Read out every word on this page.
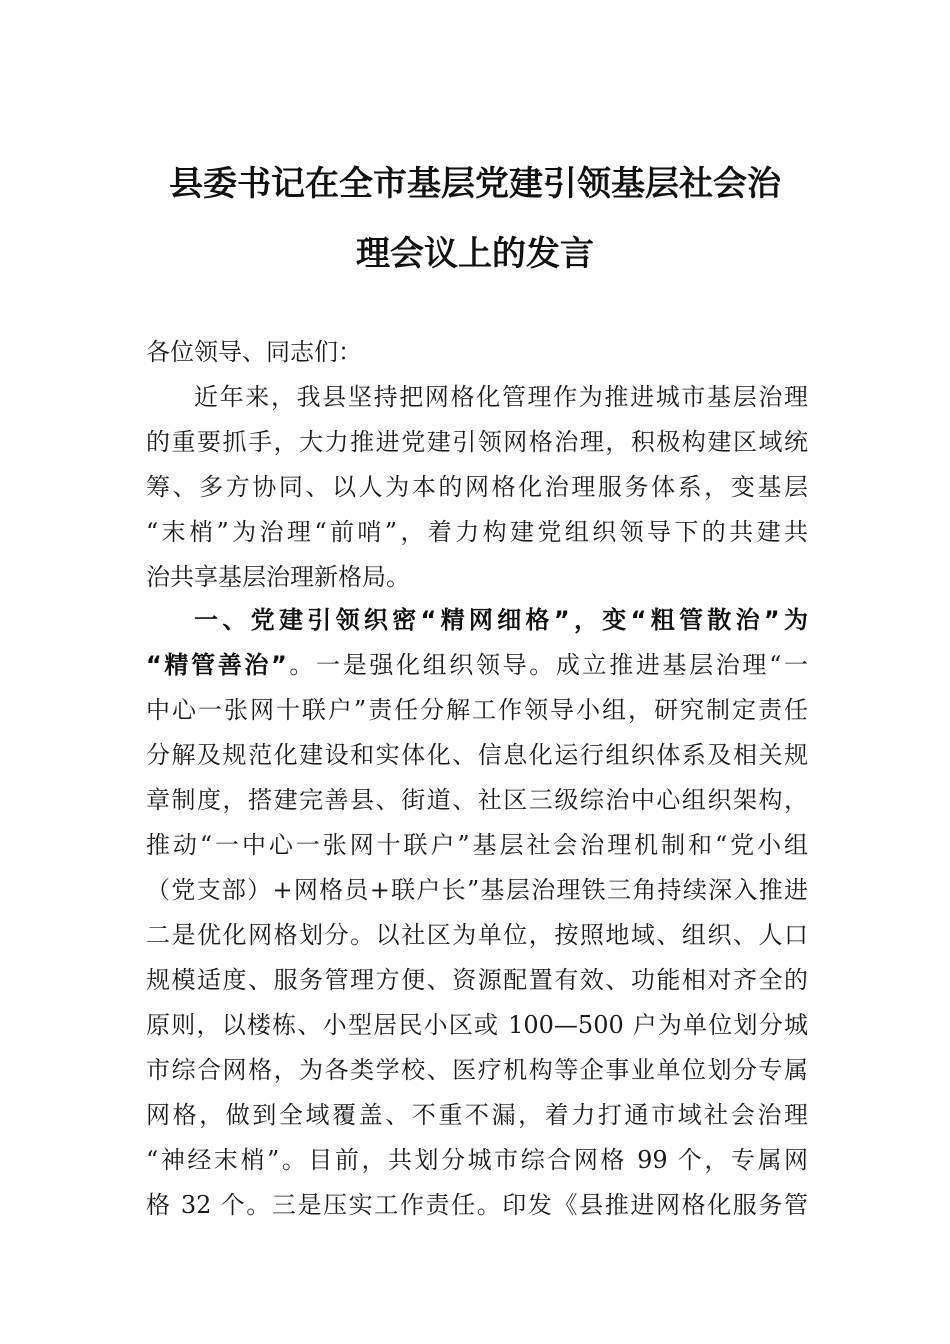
县委书记在全市基层党建引领基层社会治
理会议上的发言
各位领导、同志们：
近年来，我县坚持把网格化管理作为推进城市基层治理
的重要抓手，大力推进党建引领网格治理，积极构建区域统
筹、多方协同、以人为本的网格化治理服务体系，变基层
“末梢”为治理“前哨”，着力构建党组织领导下的共建共
治共享基层治理新格局。
一、党建引领织密“精网细格”，变“粗管散治”为
“精管善治”。一是强化组织领导。成立推进基层治理“一
中心一张网十联户”责任分解工作领导小组，研究制定责任
分解及规范化建设和实体化、信息化运行组织体系及相关规
章制度，搭建完善县、街道、社区三级综治中心组织架构，
推动“一中心一张网十联户”基层社会治理机制和“党小组
（党支部）+网格员+联户长”基层治理铁三角持续深入推进
二是优化网格划分。以社区为单位，按照地域、组织、人口
规模适度、服务管理方便、资源配置有效、功能相对齐全的
原则，以楼栋、小型居民小区或 100—500 户为单位划分城
市综合网格，为各类学校、医疗机构等企事业单位划分专属
网格，做到全域覆盖、不重不漏，着力打通市域社会治理
“神经末梢”。目前，共划分城市综合网格 99 个，专属网
格 32 个。三是压实工作责任。印发《县推进网格化服务管
